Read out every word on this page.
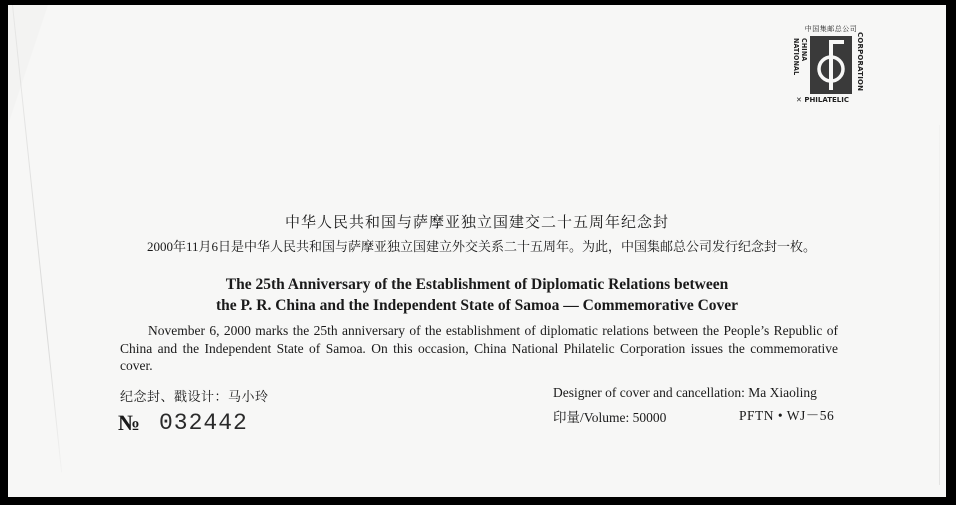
中国集邮总公司
CHINA NATIONAL	CORPORATION
✕ PHILATELIC
中华人民共和国与萨摩亚独立国建交二十五周年纪念封
2000年11月6日是中华人民共和国与萨摩亚独立国建立外交关系二十五周年。为此，中国集邮总公司发行纪念封一枚。
The 25th Anniversary of the Establishment of Diplomatic Relations between
the P. R. China and the Independent State of Samoa — Commemorative Cover
November 6, 2000 marks the 25th anniversary of the establishment of diplomatic relations between the People’s Republic of China and the Independent State of Samoa. On this occasion, China National Philatelic Corporation issues the commemorative cover.
纪念封、戳设计：马小玲	Designer of cover and cancellation: Ma Xiaoling
印量/Volume: 50000	PFTN • WJ－56
№ 032442
